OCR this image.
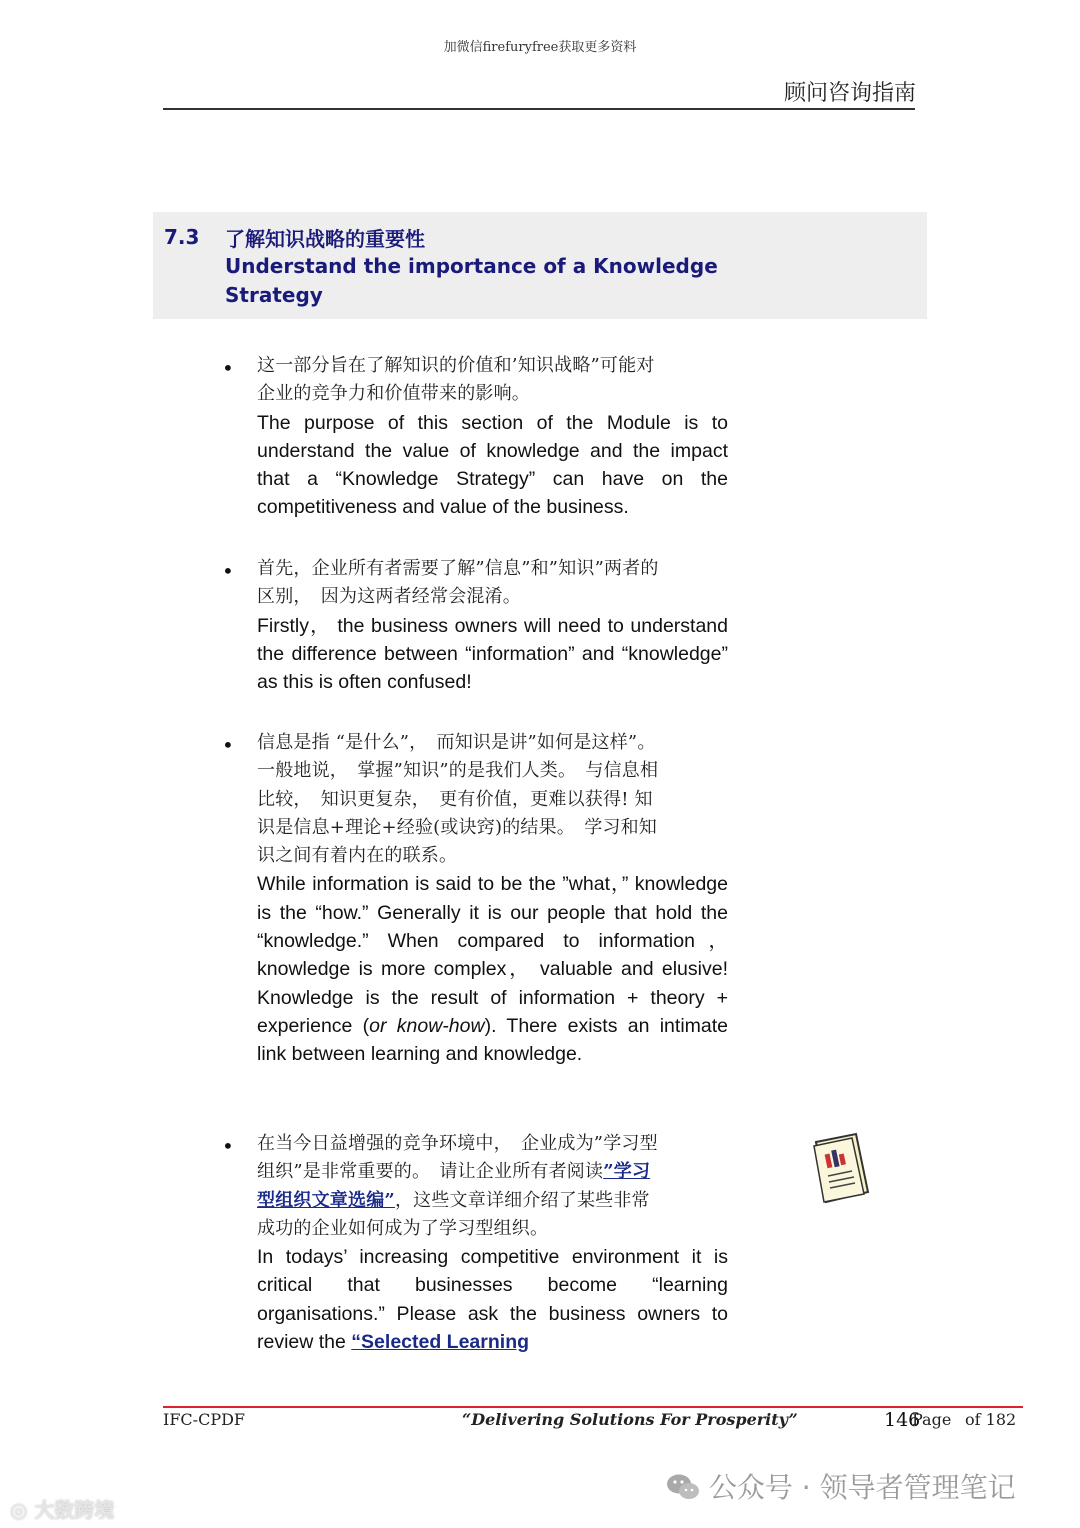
加微信firefuryfree获取更多资料
顾问咨询指南
7.3 了解知识战略的重要性
Understand the importance of a Knowledge Strategy
• 这一部分旨在了解知识的价值和’知识战略”可能对
企业的竞争力和价值带来的影响。
The purpose of this section of the Module is to understand the value of knowledge and the impact that a “Knowledge Strategy” can have on the competitiveness and value of the business.
• 首先，企业所有者需要了解”信息”和”知识”两者的
区别，　因为这两者经常会混淆。
Firstly， the business owners will need to understand the difference between “information” and “knowledge” as this is often confused!
• 信息是指 “是什么”，　而知识是讲”如何是这样”。
一般地说，　掌握”知识”的是我们人类。　与信息相
比较，　知识更复杂，　更有价值，更难以获得! 知
识是信息+理论+经验(或诀窍)的结果。　学习和知
识之间有着内在的联系。
While information is said to be the ”what，” knowledge is the “how.” Generally it is our people that hold the “knowledge.” When compared to information， knowledge is more complex， valuable and elusive! Knowledge is the result of information + theory + experience (or know-how). There exists an intimate link between learning and knowledge.
• 在当今日益增强的竞争环境中，　企业成为”学习型
组织”是非常重要的。　请让企业所有者阅读”学习
型组织文章选编”，这些文章详细介绍了某些非常
成功的企业如何成为了学习型组织。
In todays’ increasing competitive environment it is critical that businesses become “learning organisations.” Please ask the business owners to review the “Selected Learning
IFC-CPDF	“Delivering Solutions For Prosperity”	146
Page of 182
公众号 · 领导者管理笔记
◎ 大数跨境
